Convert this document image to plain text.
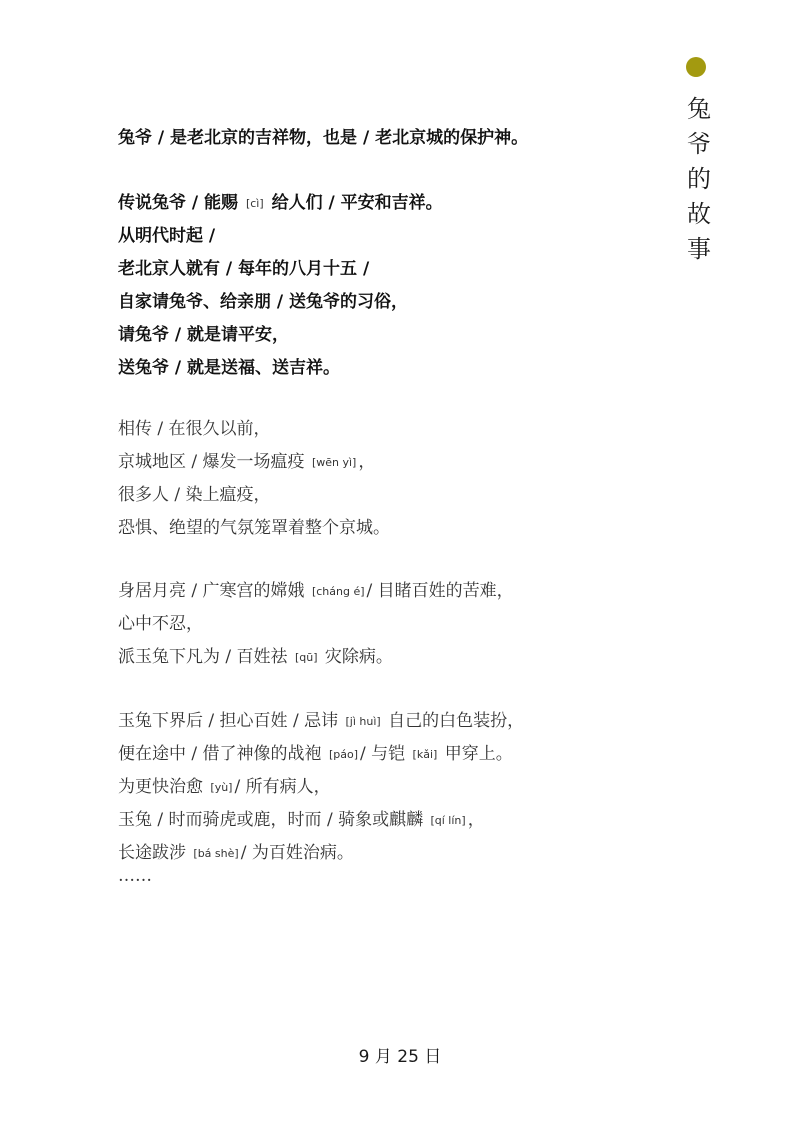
兔
爷
的
故
事
兔爷 / 是老北京的吉祥物，也是 / 老北京城的保护神。
传说兔爷 / 能赐 [cì] 给人们 / 平安和吉祥。
从明代时起 /
老北京人就有 / 每年的八月十五 /
自家请兔爷、给亲朋 / 送兔爷的习俗，
请兔爷 / 就是请平安，
送兔爷 / 就是送福、送吉祥。
相传 / 在很久以前，
京城地区 / 爆发一场瘟疫 [wēn yì] ，
很多人 / 染上瘟疫，
恐惧、绝望的气氛笼罩着整个京城。
身居月亮 / 广寒宫的嫦娥 [cháng é] / 目睹百姓的苦难，
心中不忍，
派玉兔下凡为 / 百姓祛 [qū] 灾除病。
玉兔下界后 / 担心百姓 / 忌讳 [jì huì] 自己的白色装扮，
便在途中 / 借了神像的战袍 [páo] / 与铠 [kǎi] 甲穿上。
为更快治愈 [yù] / 所有病人，
玉兔 / 时而骑虎或鹿，时而 / 骑象或麒麟 [qí lín] ，
长途跋涉 [bá shè] / 为百姓治病。
……
9 月 25 日
